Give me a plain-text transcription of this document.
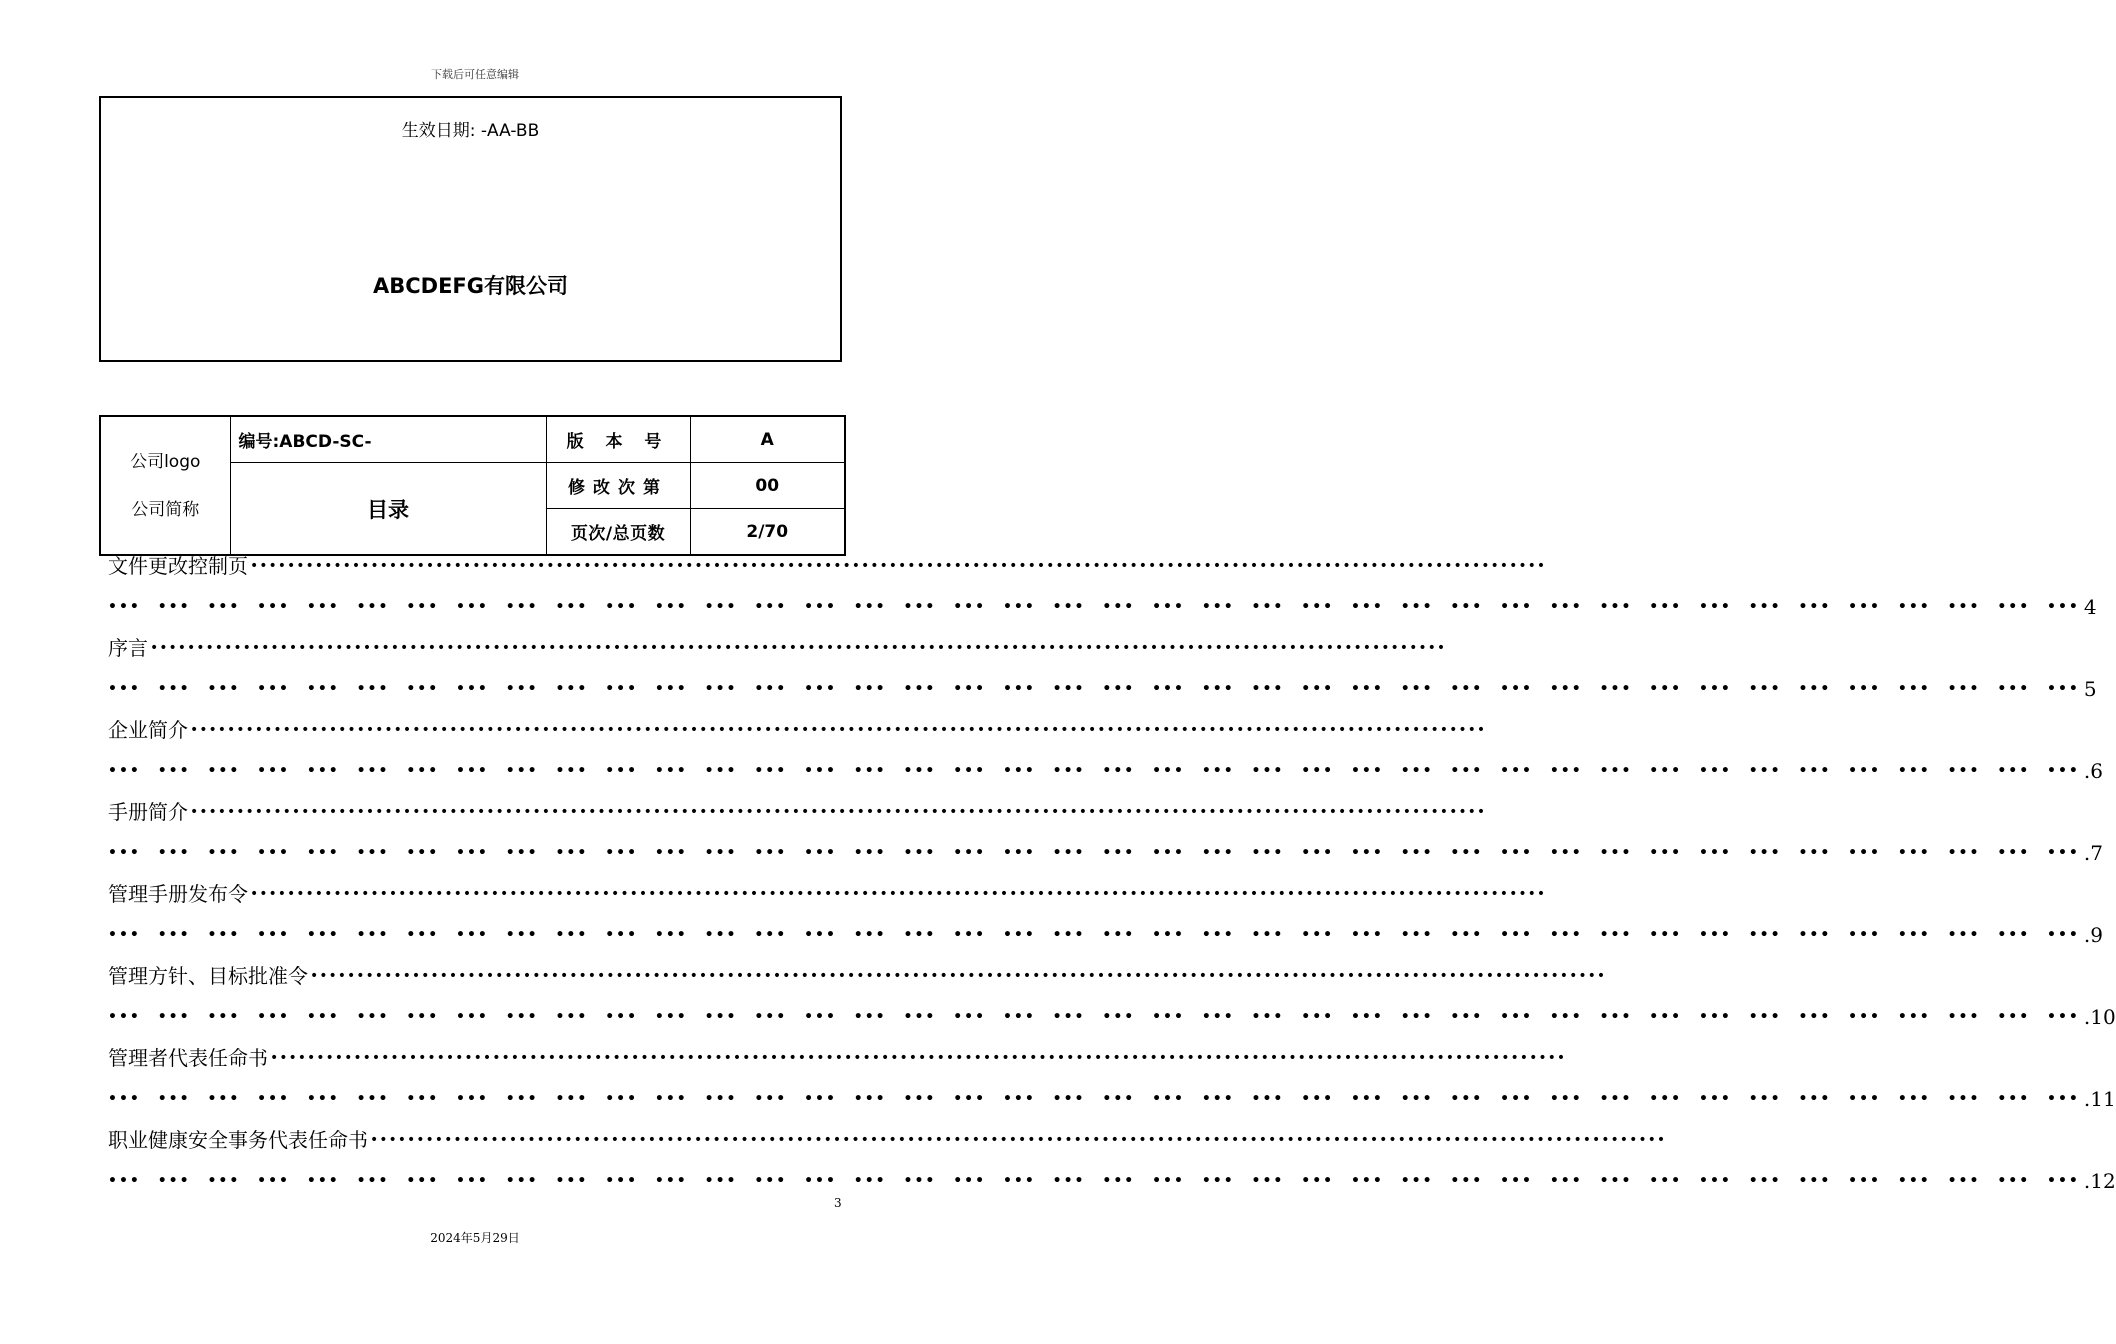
下载后可任意编辑
生效日期: -AA-BB
ABCDEFG有限公司
公司logo
公司简称	编号:ABCD-SC-	版 本 号	A
	目录	修改次第	00
		页次/总页数	2/70
文件更改控制页 ••••••••••••••••••••••••••••••••••••••••••••••••••••••••••••••••••••••••••••••••••••••••••••••••••••••••••••••••••••••••••••••••••••••••••••
••• ••• ••• ••• ••• ••• ••• ••• ••• ••• ••• ••• ••• ••• ••• ••• ••• ••• ••• ••• ••• ••• ••• ••• ••• ••• ••• ••• ••• ••• ••• ••• ••• ••• ••• ••• ••• ••• ••• ••• 4
序言 ••••••••••••••••••••••••••••••••••••••••••••••••••••••••••••••••••••••••••••••••••••••••••••••••••••••••••••••••••••••••••••••••••••••••••••
••• ••• ••• ••• ••• ••• ••• ••• ••• ••• ••• ••• ••• ••• ••• ••• ••• ••• ••• ••• ••• ••• ••• ••• ••• ••• ••• ••• ••• ••• ••• ••• ••• ••• ••• ••• ••• ••• ••• ••• 5
企业简介 ••••••••••••••••••••••••••••••••••••••••••••••••••••••••••••••••••••••••••••••••••••••••••••••••••••••••••••••••••••••••••••••••••••••••••••
••• ••• ••• ••• ••• ••• ••• ••• ••• ••• ••• ••• ••• ••• ••• ••• ••• ••• ••• ••• ••• ••• ••• ••• ••• ••• ••• ••• ••• ••• ••• ••• ••• ••• ••• ••• ••• ••• ••• ••• .6
手册简介 ••••••••••••••••••••••••••••••••••••••••••••••••••••••••••••••••••••••••••••••••••••••••••••••••••••••••••••••••••••••••••••••••••••••••••••
••• ••• ••• ••• ••• ••• ••• ••• ••• ••• ••• ••• ••• ••• ••• ••• ••• ••• ••• ••• ••• ••• ••• ••• ••• ••• ••• ••• ••• ••• ••• ••• ••• ••• ••• ••• ••• ••• ••• ••• .7
管理手册发布令 ••••••••••••••••••••••••••••••••••••••••••••••••••••••••••••••••••••••••••••••••••••••••••••••••••••••••••••••••••••••••••••••••••••••••••••
••• ••• ••• ••• ••• ••• ••• ••• ••• ••• ••• ••• ••• ••• ••• ••• ••• ••• ••• ••• ••• ••• ••• ••• ••• ••• ••• ••• ••• ••• ••• ••• ••• ••• ••• ••• ••• ••• ••• ••• .9
管理方针、目标批准令 ••••••••••••••••••••••••••••••••••••••••••••••••••••••••••••••••••••••••••••••••••••••••••••••••••••••••••••••••••••••••••••••••••••••••••••
••• ••• ••• ••• ••• ••• ••• ••• ••• ••• ••• ••• ••• ••• ••• ••• ••• ••• ••• ••• ••• ••• ••• ••• ••• ••• ••• ••• ••• ••• ••• ••• ••• ••• ••• ••• ••• ••• ••• ••• .10
管理者代表任命书 ••••••••••••••••••••••••••••••••••••••••••••••••••••••••••••••••••••••••••••••••••••••••••••••••••••••••••••••••••••••••••••••••••••••••••••
••• ••• ••• ••• ••• ••• ••• ••• ••• ••• ••• ••• ••• ••• ••• ••• ••• ••• ••• ••• ••• ••• ••• ••• ••• ••• ••• ••• ••• ••• ••• ••• ••• ••• ••• ••• ••• ••• ••• ••• .11
职业健康安全事务代表任命书 ••••••••••••••••••••••••••••••••••••••••••••••••••••••••••••••••••••••••••••••••••••••••••••••••••••••••••••••••••••••••••••••••••••••••••••
••• ••• ••• ••• ••• ••• ••• ••• ••• ••• ••• ••• ••• ••• ••• ••• ••• ••• ••• ••• ••• ••• ••• ••• ••• ••• ••• ••• ••• ••• ••• ••• ••• ••• ••• ••• ••• ••• ••• ••• .12
3
2024年5月29日
